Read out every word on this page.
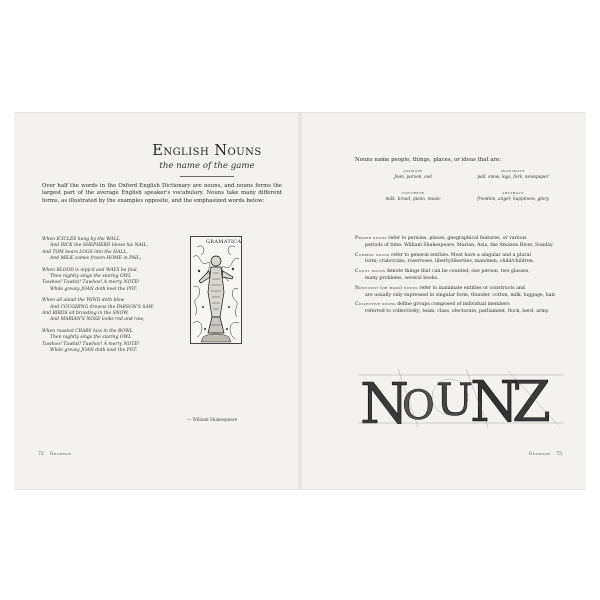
English Nouns
the name of the game
Over half the words in the Oxford English Dictionary are nouns, and nouns forms the largest part of the average English speaker's vocabulary. Nouns take many different forms, as illustrated by the examples opposite, and the emphasized words below:
When ICICLES hang by the WALL
And DICK the SHEPHERD blows his NAIL,
And TOM bears LOGS into the HALL,
And MILK comes frozen HOME in PAIL;
When BLOOD is nipp'd and WAYS be foul,
Then nightly sings the staring OWL
Tuwhoo! Tuwhit! Tuwhoo! A merry NOTE!
While greasy JOAN doth keel the POT.
When all aloud the WIND doth blow
And COUGHING drowns the PARSON'S SAW,
And BIRDS sit brooding in the SNOW,
And MARIAN'S NOSE looks red and raw;
When roasted CRABS hiss in the BOWL
Then nightly sings the staring OWL
Tuwhoo! Tuwhit! Tuwhoo! A merry NOTE!
While greasy JOAN doth keel the POT.
GRAMATICA
— William Shakespeare
72 Grammar
Nouns name people, things, places, or ideas that are:
animate
Joan, parson, owl
inanimate
pail, snow, logs, fork, newspaper
concrete
milk, bread, piano, music
abstract
freedom, anger, happiness, glory
Proper nouns refer to persons, places, geographical features, or various
periods of time: William Shakespeare, Marian, Asia, the Amazon River, Sunday.
Common nouns refer to general entities. Most have a singular and a plural
form; crab/crabs, rose/roses, liberty/liberties, man/men, child/children.
Count nouns denote things that can be counted; one person, two glasses,
many problems, several books.
Noncount (or mass) nouns refer to inanimate entities or constructs and
are usually only expressed in singular form; thunder, cotton, milk, luggage, hair.
Collective nouns define groups composed of individual members
referred to collectively; team, class, electorate, parliament, flock, herd, army.
N
O U
N
Z
Grammar 73
